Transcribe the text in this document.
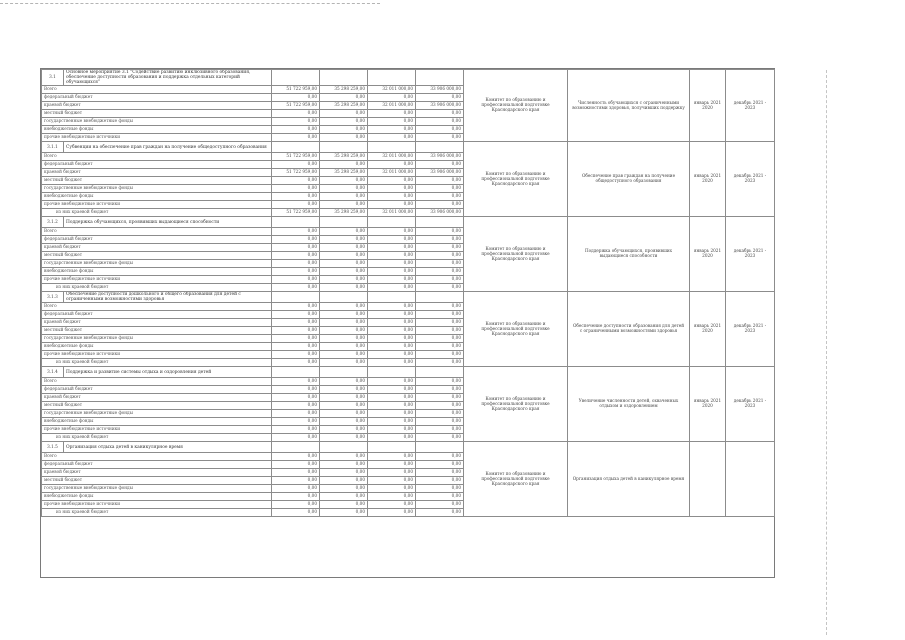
3.1	Основное мероприятие 3.1 "Содействие развитию инклюзивного образования, обеспечение доступности образования и поддержка отдельных категорий обучающихся"					Комитет по образованию и профессиональной подготовке Краснодарского края	Численность обучающихся с ограниченными возможностями здоровья, получивших поддержку	январь 2021 2020	декабрь 2021 - 2023
Всего		51 722 959,00	35 298 259,00	32 011 000,00	33 906 000,00				
федеральный бюджет		0,00	0,00	0,00	0,00				
краевой бюджет		51 722 959,00	35 298 259,00	32 011 000,00	33 906 000,00				
местный бюджет		0,00	0,00	0,00	0,00				
государственные внебюджетные фонды		0,00	0,00	0,00	0,00				
внебюджетные фонды		0,00	0,00	0,00	0,00				
прочие внебюджетные источники		0,00	0,00	0,00	0,00				
3.1.1	Субвенции на обеспечение прав граждан на получение общедоступного образования					Комитет по образованию и профессиональной подготовке Краснодарского края	Обеспечение прав граждан на получение общедоступного образования	январь 2021 2020	декабрь 2021 - 2023
Всего		51 722 959,00	35 298 259,00	32 011 000,00	33 906 000,00				
федеральный бюджет		0,00	0,00	0,00	0,00				
краевой бюджет		51 722 959,00	35 298 259,00	32 011 000,00	33 906 000,00				
местный бюджет		0,00	0,00	0,00	0,00				
государственные внебюджетные фонды		0,00	0,00	0,00	0,00				
внебюджетные фонды		0,00	0,00	0,00	0,00				
прочие внебюджетные источники		0,00	0,00	0,00	0,00				
из них краевой бюджет		51 722 959,00	35 298 259,00	32 011 000,00	33 906 000,00				
3.1.2	Поддержка обучающихся, проявивших выдающиеся способности					Комитет по образованию и профессиональной подготовке Краснодарского края	Поддержка обучающихся, проявивших выдающиеся способности	январь 2021 2020	декабрь 2021 - 2023
Всего		0,00	0,00	0,00	0,00				
федеральный бюджет		0,00	0,00	0,00	0,00				
краевой бюджет		0,00	0,00	0,00	0,00				
местный бюджет		0,00	0,00	0,00	0,00				
государственные внебюджетные фонды		0,00	0,00	0,00	0,00				
внебюджетные фонды		0,00	0,00	0,00	0,00				
прочие внебюджетные источники		0,00	0,00	0,00	0,00				
из них краевой бюджет		0,00	0,00	0,00	0,00				
3.1.3	Обеспечение доступности дошкольного и общего образования для детей с ограниченными возможностями здоровья					Комитет по образованию и профессиональной подготовке Краснодарского края	Обеспечение доступности образования для детей с ограниченными возможностями здоровья	январь 2021 2020	декабрь 2021 - 2023
Всего		0,00	0,00	0,00	0,00				
федеральный бюджет		0,00	0,00	0,00	0,00				
краевой бюджет		0,00	0,00	0,00	0,00				
местный бюджет		0,00	0,00	0,00	0,00				
государственные внебюджетные фонды		0,00	0,00	0,00	0,00				
внебюджетные фонды		0,00	0,00	0,00	0,00				
прочие внебюджетные источники		0,00	0,00	0,00	0,00				
из них краевой бюджет		0,00	0,00	0,00	0,00				
3.1.4	Поддержка и развитие системы отдыха и оздоровления детей					Комитет по образованию и профессиональной подготовке Краснодарского края	Увеличение численности детей, охваченных отдыхом и оздоровлением	январь 2021 2020	декабрь 2021 - 2023
Всего		0,00	0,00	0,00	0,00				
федеральный бюджет		0,00	0,00	0,00	0,00				
краевой бюджет		0,00	0,00	0,00	0,00				
местный бюджет		0,00	0,00	0,00	0,00				
государственные внебюджетные фонды		0,00	0,00	0,00	0,00				
внебюджетные фонды		0,00	0,00	0,00	0,00				
прочие внебюджетные источники		0,00	0,00	0,00	0,00				
из них краевой бюджет		0,00	0,00	0,00	0,00				
3.1.5	Организация отдыха детей в каникулярное время					Комитет по образованию и профессиональной подготовке Краснодарского края	Организация отдыха детей в каникулярное время		
Всего		0,00	0,00	0,00	0,00				
федеральный бюджет		0,00	0,00	0,00	0,00				
краевой бюджет		0,00	0,00	0,00	0,00				
местный бюджет		0,00	0,00	0,00	0,00				
государственные внебюджетные фонды		0,00	0,00	0,00	0,00				
внебюджетные фонды		0,00	0,00	0,00	0,00				
прочие внебюджетные источники		0,00	0,00	0,00	0,00				
из них краевой бюджет		0,00	0,00	0,00	0,00				
